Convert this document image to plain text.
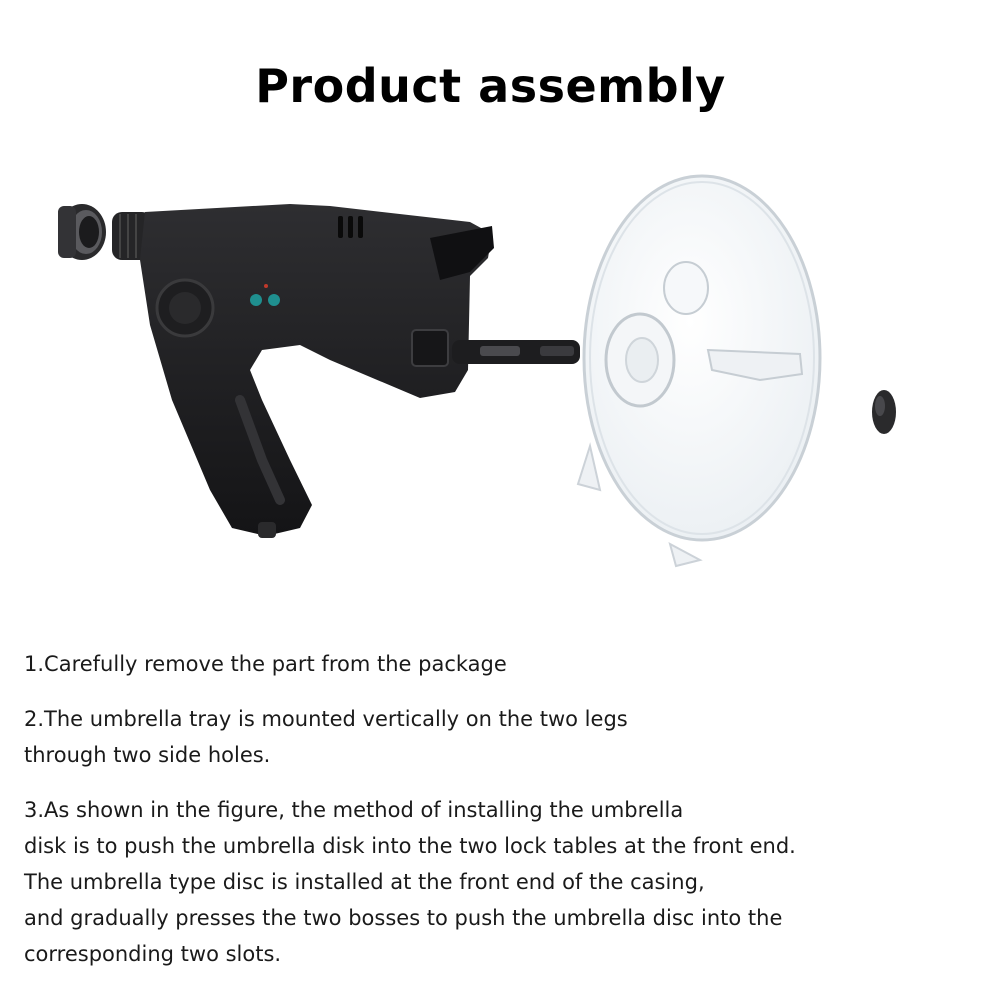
Product assembly

1.Carefully remove the part from the package

2.The umbrella tray is mounted vertically on the two legs

through two side holes.

3.As shown in the figure, the method of installing the umbrella

disk is to push the umbrella disk into the two lock tables at the front end.

The umbrella type disc is installed at the front end of the casing,

and gradually presses the two bosses to push the umbrella disc into the

corresponding two slots.
